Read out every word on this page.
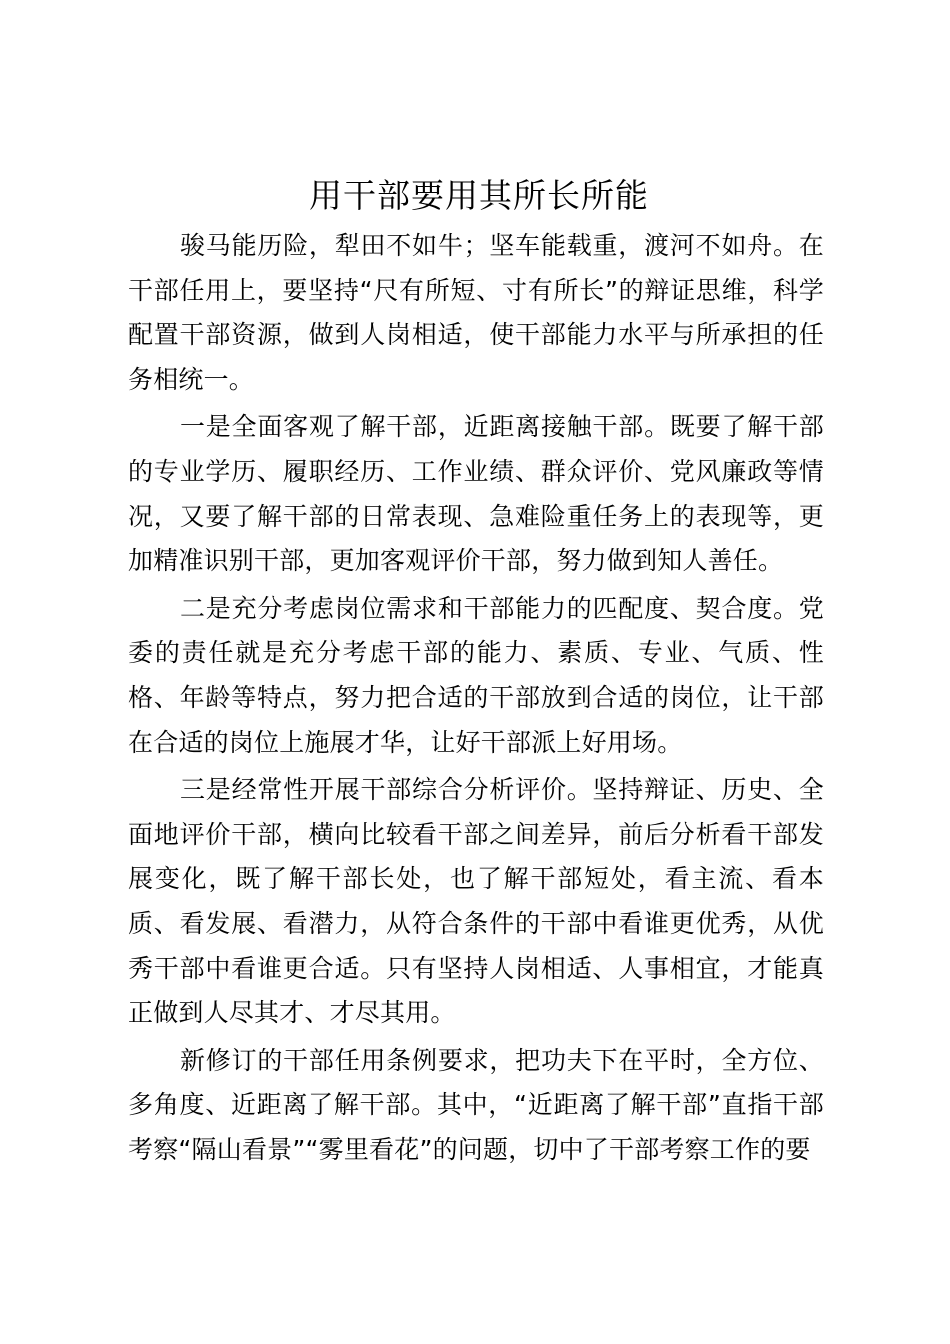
用干部要用其所长所能

骏马能历险，犁田不如牛；坚车能载重，渡河不如舟。在干部任用上，要坚持“尺有所短、寸有所长”的辩证思维，科学配置干部资源，做到人岗相适，使干部能力水平与所承担的任务相统一。

一是全面客观了解干部，近距离接触干部。既要了解干部的专业学历、履职经历、工作业绩、群众评价、党风廉政等情况，又要了解干部的日常表现、急难险重任务上的表现等，更加精准识别干部，更加客观评价干部，努力做到知人善任。

二是充分考虑岗位需求和干部能力的匹配度、契合度。党委的责任就是充分考虑干部的能力、素质、专业、气质、性格、年龄等特点，努力把合适的干部放到合适的岗位，让干部在合适的岗位上施展才华，让好干部派上好用场。

三是经常性开展干部综合分析评价。坚持辩证、历史、全面地评价干部，横向比较看干部之间差异，前后分析看干部发展变化，既了解干部长处，也了解干部短处，看主流、看本质、看发展、看潜力，从符合条件的干部中看谁更优秀，从优秀干部中看谁更合适。只有坚持人岗相适、人事相宜，才能真正做到人尽其才、才尽其用。

新修订的干部任用条例要求，把功夫下在平时，全方位、多角度、近距离了解干部。其中，“近距离了解干部”直指干部考察“隔山看景”“雾里看花”的问题，切中了干部考察工作的要
